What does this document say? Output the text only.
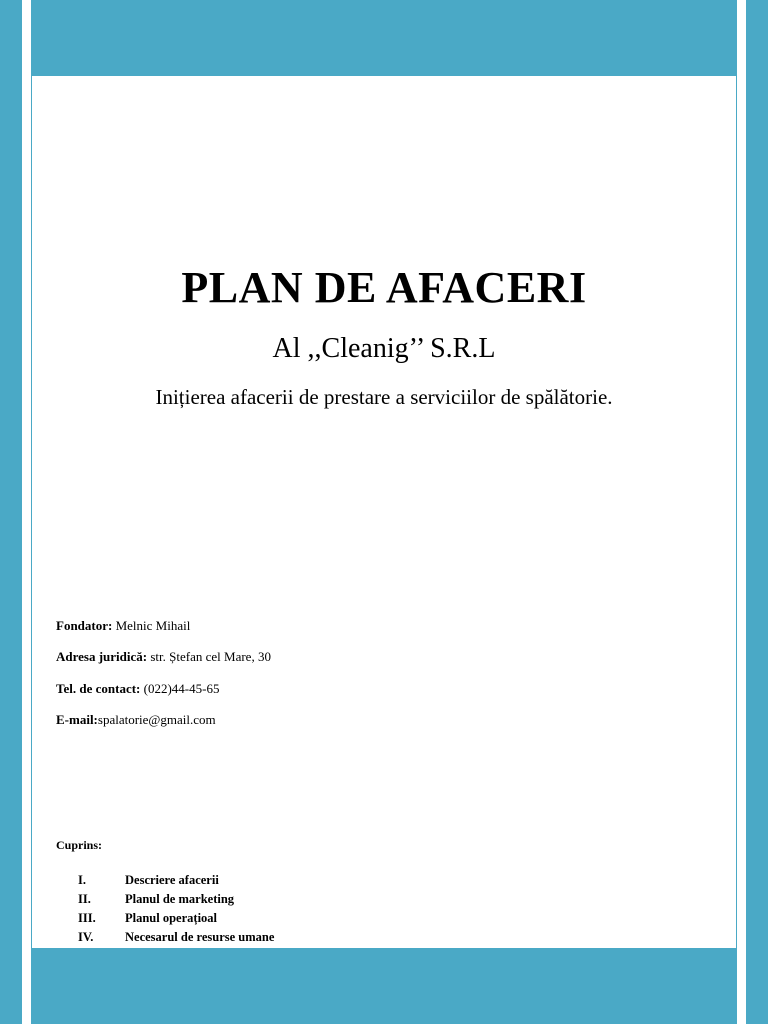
PLAN DE AFACERI
Al ,,Cleanig’’ S.R.L
Inițierea afacerii de prestare a serviciilor de spălătorie.
Fondator: Melnic Mihail
Adresa juridică: str. Ștefan cel Mare, 30
Tel. de contact: (022)44-45-65
E-mail:spalatorie@gmail.com
Cuprins:
I.	Descriere afacerii
II.	Planul de marketing
III. Planul operațioal
IV.	Necesarul de resurse umane
